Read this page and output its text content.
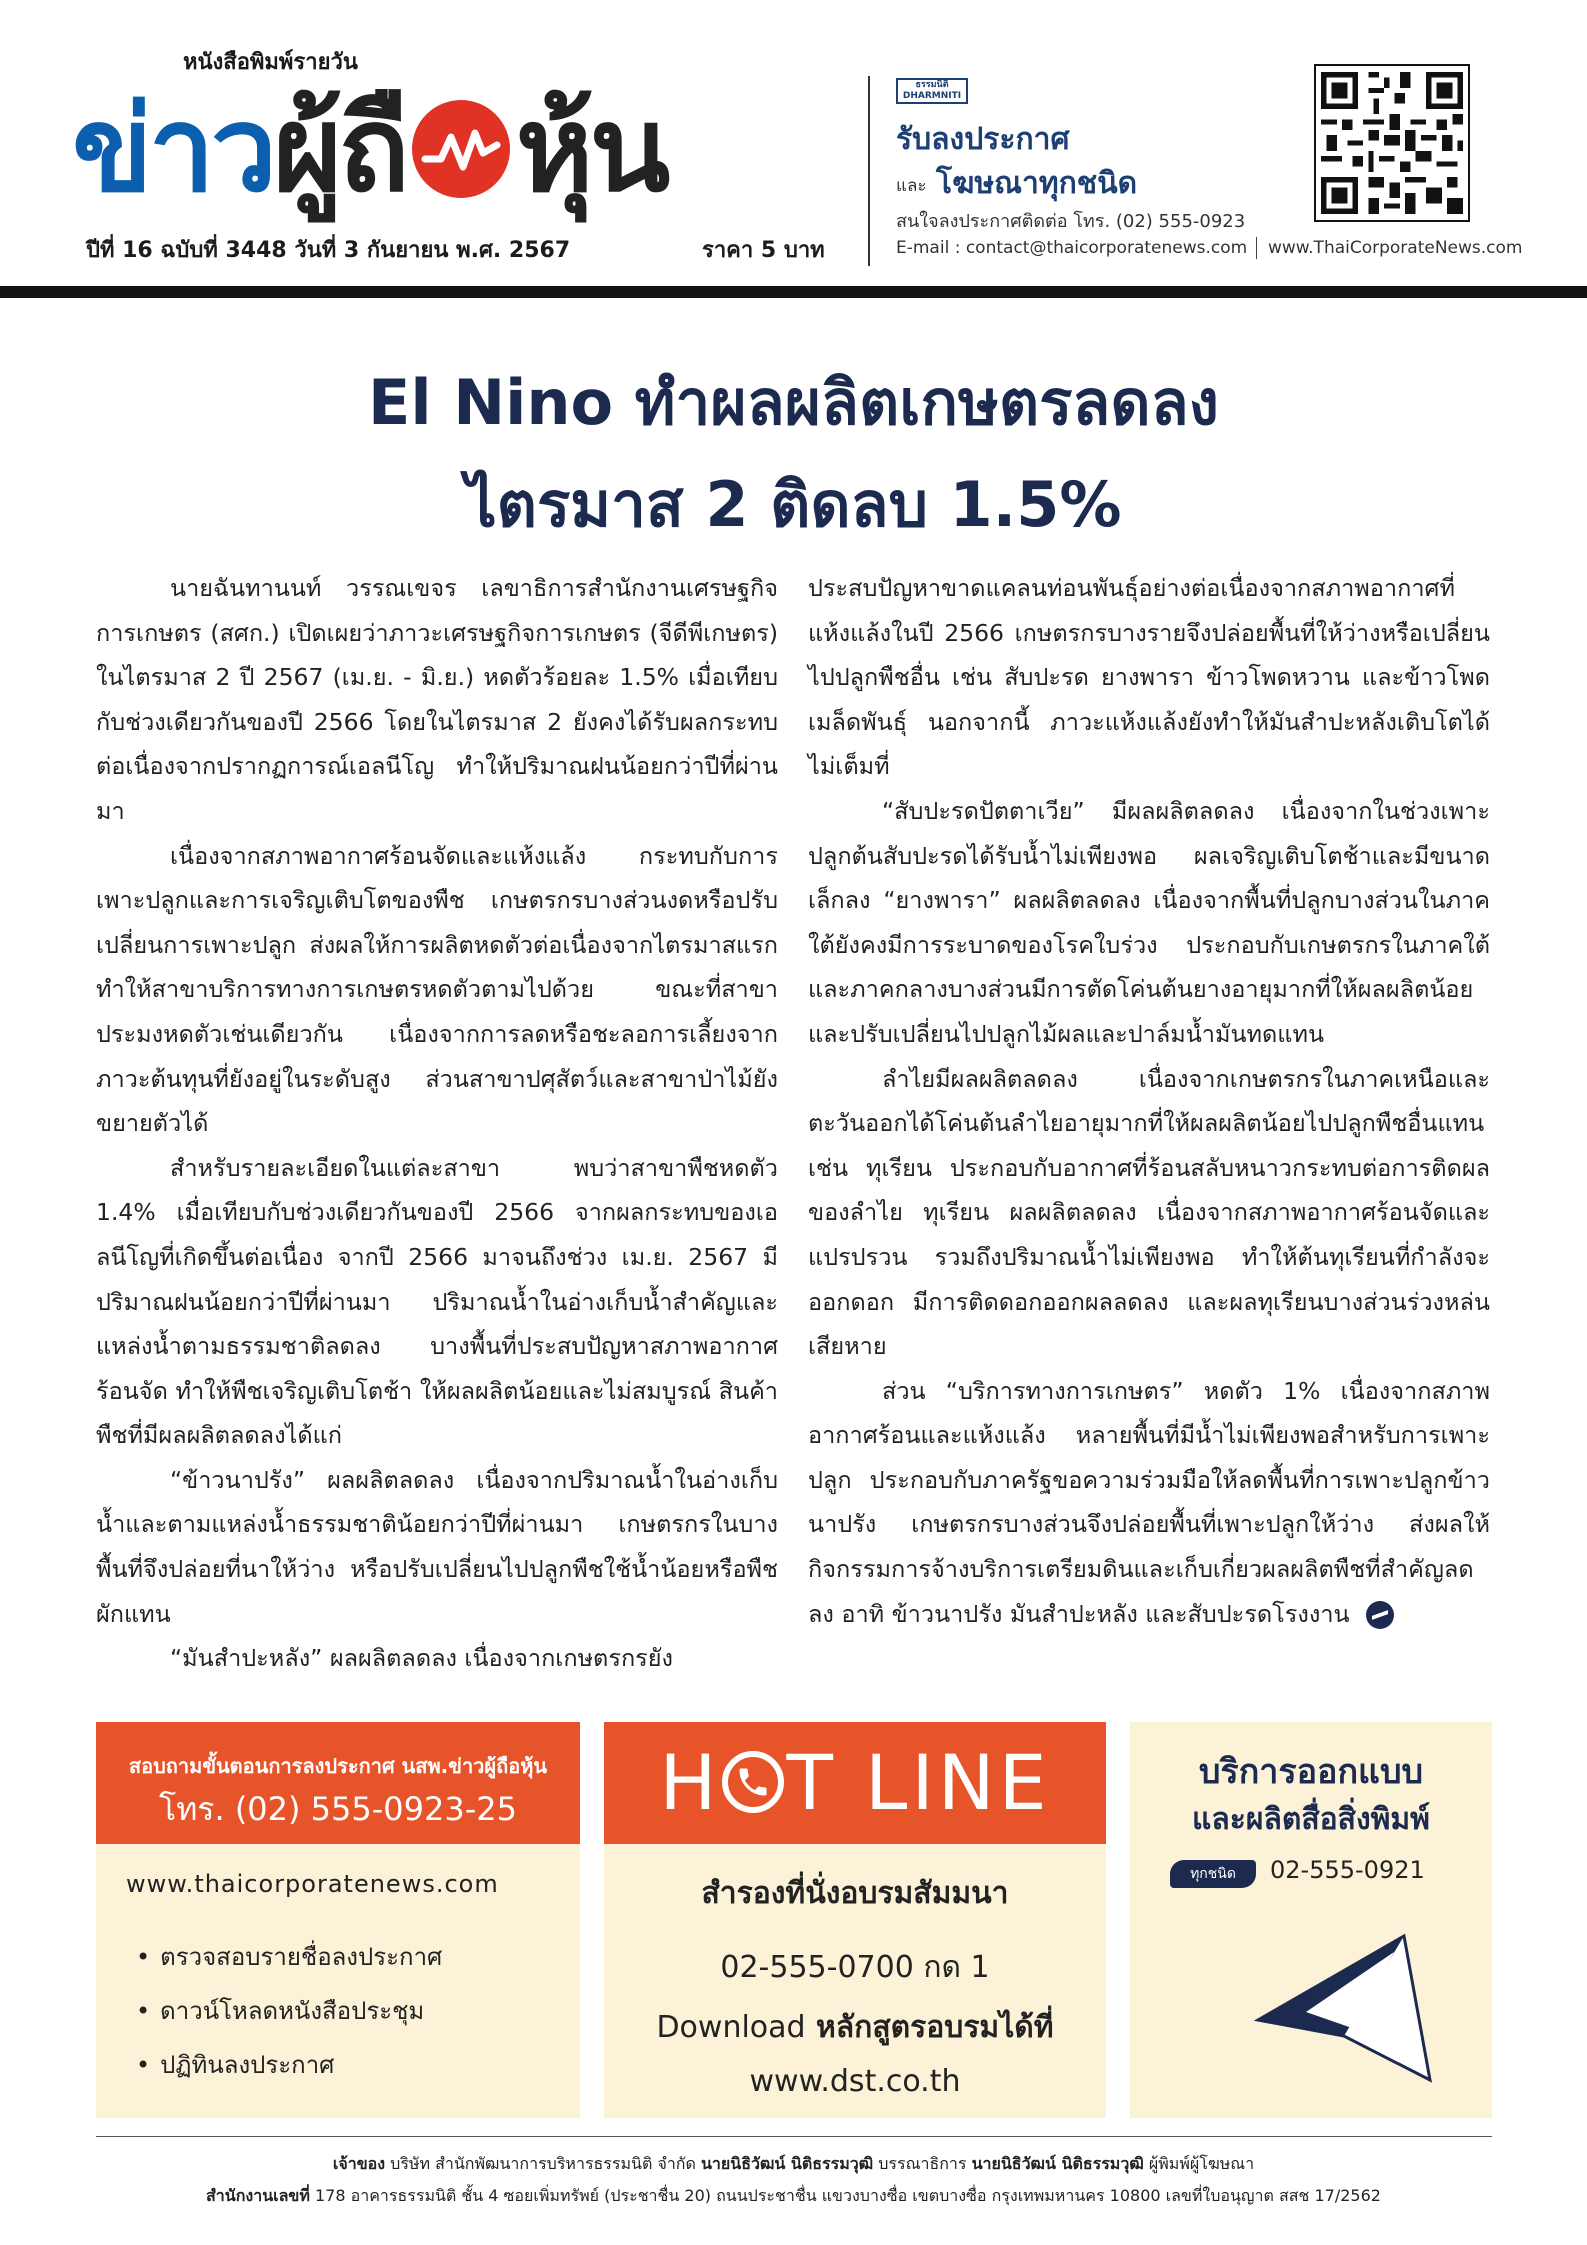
หนังสือพิมพ์รายวัน
ข่าว ผู้ถื หุ้น
ปีที่ 16 ฉบับที่ 3448 วันที่ 3 กันยายน พ.ศ. 2567	ราคา 5 บาท
ธรรมนิติ
DHARMNITI
รับลงประกาศ
และ โฆษณาทุกชนิด
สนใจลงประกาศติดต่อ โทร. (02) 555-0923
E-mail : contact@thaicorporatenews.com www.ThaiCorporateNews.com
El Nino ทำผลผลิตเกษตรลดลง
ไตรมาส 2 ติดลบ 1.5%

นายฉันทานนท์ วรรณเขจร เลขาธิการสำนักงานเศรษฐกิจการเกษตร (สศก.) เปิดเผยว่าภาวะเศรษฐกิจการเกษตร (จีดีพีเกษตร) ในไตรมาส 2 ปี 2567 (เม.ย. - มิ.ย.) หดตัวร้อยละ 1.5% เมื่อเทียบกับช่วงเดียวกันของปี 2566 โดยในไตรมาส 2 ยังคงได้รับผลกระทบต่อเนื่องจากปรากฏการณ์เอลนีโญ ทำให้ปริมาณฝนน้อยกว่าปีที่ผ่านมา

เนื่องจากสภาพอากาศร้อนจัดและแห้งแล้ง กระทบกับการเพาะปลูกและการเจริญเติบโตของพืช เกษตรกรบางส่วนงดหรือปรับเปลี่ยนการเพาะปลูก ส่งผลให้การผลิตหดตัวต่อเนื่องจากไตรมาสแรก ทำให้สาขาบริการทางการเกษตรหดตัวตามไปด้วย ขณะที่สาขาประมงหดตัวเช่นเดียวกัน เนื่องจากการลดหรือชะลอการเลี้ยงจากภาวะต้นทุนที่ยังอยู่ในระดับสูง ส่วนสาขาปศุสัตว์และสาขาป่าไม้ยังขยายตัวได้

สำหรับรายละเอียดในแต่ละสาขา พบว่าสาขาพืชหดตัว 1.4% เมื่อเทียบกับช่วงเดียวกันของปี 2566 จากผลกระทบของเอลนีโญที่เกิดขึ้นต่อเนื่อง จากปี 2566 มาจนถึงช่วง เม.ย. 2567 มีปริมาณฝนน้อยกว่าปีที่ผ่านมา ปริมาณน้ำในอ่างเก็บน้ำสำคัญและแหล่งน้ำตามธรรมชาติลดลง บางพื้นที่ประสบปัญหาสภาพอากาศร้อนจัด ทำให้พืชเจริญเติบโตช้า ให้ผลผลิตน้อยและไม่สมบูรณ์ สินค้าพืชที่มีผลผลิตลดลงได้แก่

“ข้าวนาปรัง” ผลผลิตลดลง เนื่องจากปริมาณน้ำในอ่างเก็บน้ำและตามแหล่งน้ำธรรมชาติน้อยกว่าปีที่ผ่านมา เกษตรกรในบางพื้นที่จึงปล่อยที่นาให้ว่าง หรือปรับเปลี่ยนไปปลูกพืชใช้น้ำน้อยหรือพืชผักแทน

“มันสำปะหลัง” ผลผลิตลดลง เนื่องจากเกษตรกรยัง

ประสบปัญหาขาดแคลนท่อนพันธุ์อย่างต่อเนื่องจากสภาพอากาศที่แห้งแล้งในปี 2566 เกษตรกรบางรายจึงปล่อยพื้นที่ให้ว่างหรือเปลี่ยนไปปลูกพืชอื่น เช่น สับปะรด ยางพารา ข้าวโพดหวาน และข้าวโพดเมล็ดพันธุ์ นอกจากนี้ ภาวะแห้งแล้งยังทำให้มันสำปะหลังเติบโตได้ไม่เต็มที่

“สับปะรดปัตตาเวีย” มีผลผลิตลดลง เนื่องจากในช่วงเพาะปลูกต้นสับปะรดได้รับน้ำไม่เพียงพอ ผลเจริญเติบโตช้าและมีขนาดเล็กลง “ยางพารา” ผลผลิตลดลง เนื่องจากพื้นที่ปลูกบางส่วนในภาคใต้ยังคงมีการระบาดของโรคใบร่วง ประกอบกับเกษตรกรในภาคใต้และภาคกลางบางส่วนมีการตัดโค่นต้นยางอายุมากที่ให้ผลผลิตน้อย และปรับเปลี่ยนไปปลูกไม้ผลและปาล์มน้ำมันทดแทน

ลำไยมีผลผลิตลดลง เนื่องจากเกษตรกรในภาคเหนือและตะวันออกได้โค่นต้นลำไยอายุมากที่ให้ผลผลิตน้อยไปปลูกพืชอื่นแทน เช่น ทุเรียน ประกอบกับอากาศที่ร้อนสลับหนาวกระทบต่อการติดผลของลำไย ทุเรียน ผลผลิตลดลง เนื่องจากสภาพอากาศร้อนจัดและแปรปรวน รวมถึงปริมาณน้ำไม่เพียงพอ ทำให้ต้นทุเรียนที่กำลังจะออกดอก มีการติดดอกออกผลลดลง และผลทุเรียนบางส่วนร่วงหล่นเสียหาย

ส่วน “บริการทางการเกษตร” หดตัว 1% เนื่องจากสภาพอากาศร้อนและแห้งแล้ง หลายพื้นที่มีน้ำไม่เพียงพอสำหรับการเพาะปลูก ประกอบกับภาครัฐขอความร่วมมือให้ลดพื้นที่การเพาะปลูกข้าวนาปรัง เกษตรกรบางส่วนจึงปล่อยพื้นที่เพาะปลูกให้ว่าง ส่งผลให้กิจกรรมการจ้างบริการเตรียมดินและเก็บเกี่ยวผลผลิตพืชที่สำคัญลดลง อาทิ ข้าวนาปรัง มันสำปะหลัง และสับปะรดโรงงาน

สอบถามขั้นตอนการลงประกาศ นสพ.ข่าวผู้ถือหุ้น
โทร. (02) 555-0923-25
www.thaicorporatenews.com
• ตรวจสอบรายชื่อลงประกาศ
• ดาวน์โหลดหนังสือประชุม
• ปฏิทินลงประกาศ
H T LINE
สำรองที่นั่งอบรมสัมมนา
02-555-0700 กด 1
Download หลักสูตรอบรมได้ที่
www.dst.co.th
บริการออกแบบ
และผลิตสื่อสิ่งพิมพ์
ทุกชนิด	02-555-0921
เจ้าของ บริษัท สำนักพัฒนาการบริหารธรรมนิติ จำกัด นายนิธิวัฒน์ นิติธรรมวุฒิ บรรณาธิการ นายนิธิวัฒน์ นิติธรรมวุฒิ ผู้พิมพ์ผู้โฆษณา
สำนักงานเลขที่ 178 อาคารธรรมนิติ ชั้น 4 ซอยเพิ่มทรัพย์ (ประชาชื่น 20) ถนนประชาชื่น แขวงบางซื่อ เขตบางซื่อ กรุงเทพมหานคร 10800 เลขที่ใบอนุญาต สสช 17/2562
